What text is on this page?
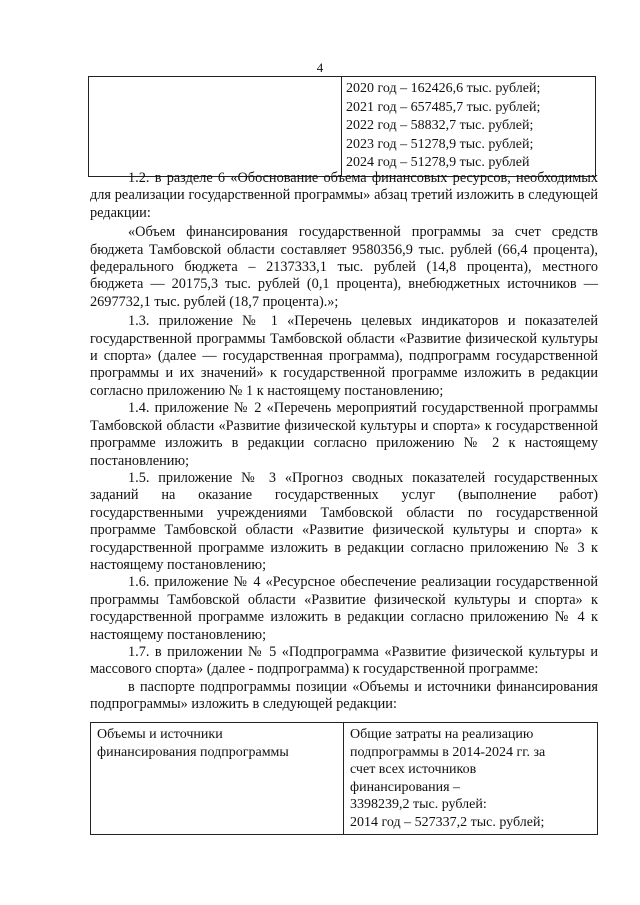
4

2020 год – 162426,6 тыс. рублей;
2021 год – 657485,7 тыс. рублей;
2022 год – 58832,7 тыс. рублей;
2023 год – 51278,9 тыс. рублей;
2024 год – 51278,9 тыс. рублей

1.2. в разделе 6 «Обоснование объема финансовых ресурсов, необходимых для реализации государственной программы» абзац третий изложить в следующей редакции:

«Объем финансирования государственной программы за счет средств бюджета Тамбовской области составляет 9580356,9 тыс. рублей (66,4 процента), федерального бюджета – 2137333,1 тыс. рублей (14,8 процента), местного бюджета — 20175,3 тыс. рублей (0,1 процента), внебюджетных источников — 2697732,1 тыс. рублей (18,7 процента).»;

1.3. приложение № 1 «Перечень целевых индикаторов и показателей государственной программы Тамбовской области «Развитие физической культуры и спорта» (далее — государственная программа), подпрограмм государственной программы и их значений» к государственной программе изложить в редакции согласно приложению № 1 к настоящему постановлению;

1.4. приложение № 2 «Перечень мероприятий государственной программы Тамбовской области «Развитие физической культуры и спорта» к государственной программе изложить в редакции согласно приложению № 2 к настоящему постановлению;

1.5. приложение № 3 «Прогноз сводных показателей государственных заданий на оказание государственных услуг (выполнение работ) государственными учреждениями Тамбовской области по государственной программе Тамбовской области «Развитие физической культуры и спорта» к государственной программе изложить в редакции согласно приложению № 3 к настоящему постановлению;

1.6. приложение № 4 «Ресурсное обеспечение реализации государственной программы Тамбовской области «Развитие физической культуры и спорта» к государственной программе изложить в редакции согласно приложению № 4 к настоящему постановлению;

1.7. в приложении № 5 «Подпрограмма «Развитие физической культуры и массового спорта» (далее - подпрограмма) к государственной программе:

в паспорте подпрограммы позиции «Объемы и источники финансирования подпрограммы» изложить в следующей редакции:

Объемы и источники
финансирования подпрограммы

Общие затраты на реализацию
подпрограммы в 2014-2024 гг. за
счет всех источников
финансирования –
3398239,2 тыс. рублей:
2014 год – 527337,2 тыс. рублей;
